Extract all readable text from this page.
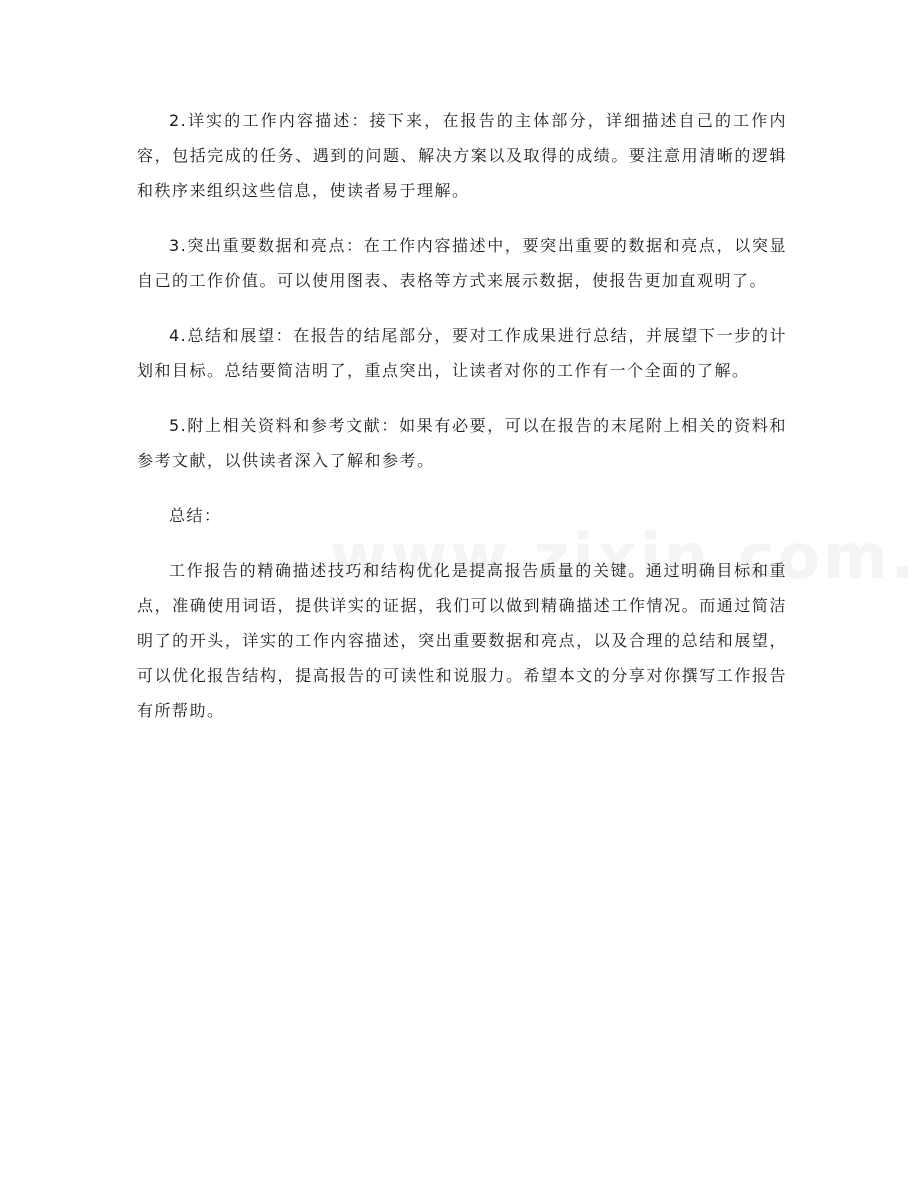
2.详实的工作内容描述：接下来，在报告的主体部分，详细描述自己的工作内容，包括完成的任务、遇到的问题、解决方案以及取得的成绩。要注意用清晰的逻辑和秩序来组织这些信息，使读者易于理解。

3.突出重要数据和亮点：在工作内容描述中，要突出重要的数据和亮点，以突显自己的工作价值。可以使用图表、表格等方式来展示数据，使报告更加直观明了。

4.总结和展望：在报告的结尾部分，要对工作成果进行总结，并展望下一步的计划和目标。总结要简洁明了，重点突出，让读者对你的工作有一个全面的了解。

5.附上相关资料和参考文献：如果有必要，可以在报告的末尾附上相关的资料和参考文献，以供读者深入了解和参考。

总结：

工作报告的精确描述技巧和结构优化是提高报告质量的关键。通过明确目标和重点，准确使用词语，提供详实的证据，我们可以做到精确描述工作情况。而通过简洁明了的开头，详实的工作内容描述，突出重要数据和亮点，以及合理的总结和展望，可以优化报告结构，提高报告的可读性和说服力。希望本文的分享对你撰写工作报告有所帮助。
